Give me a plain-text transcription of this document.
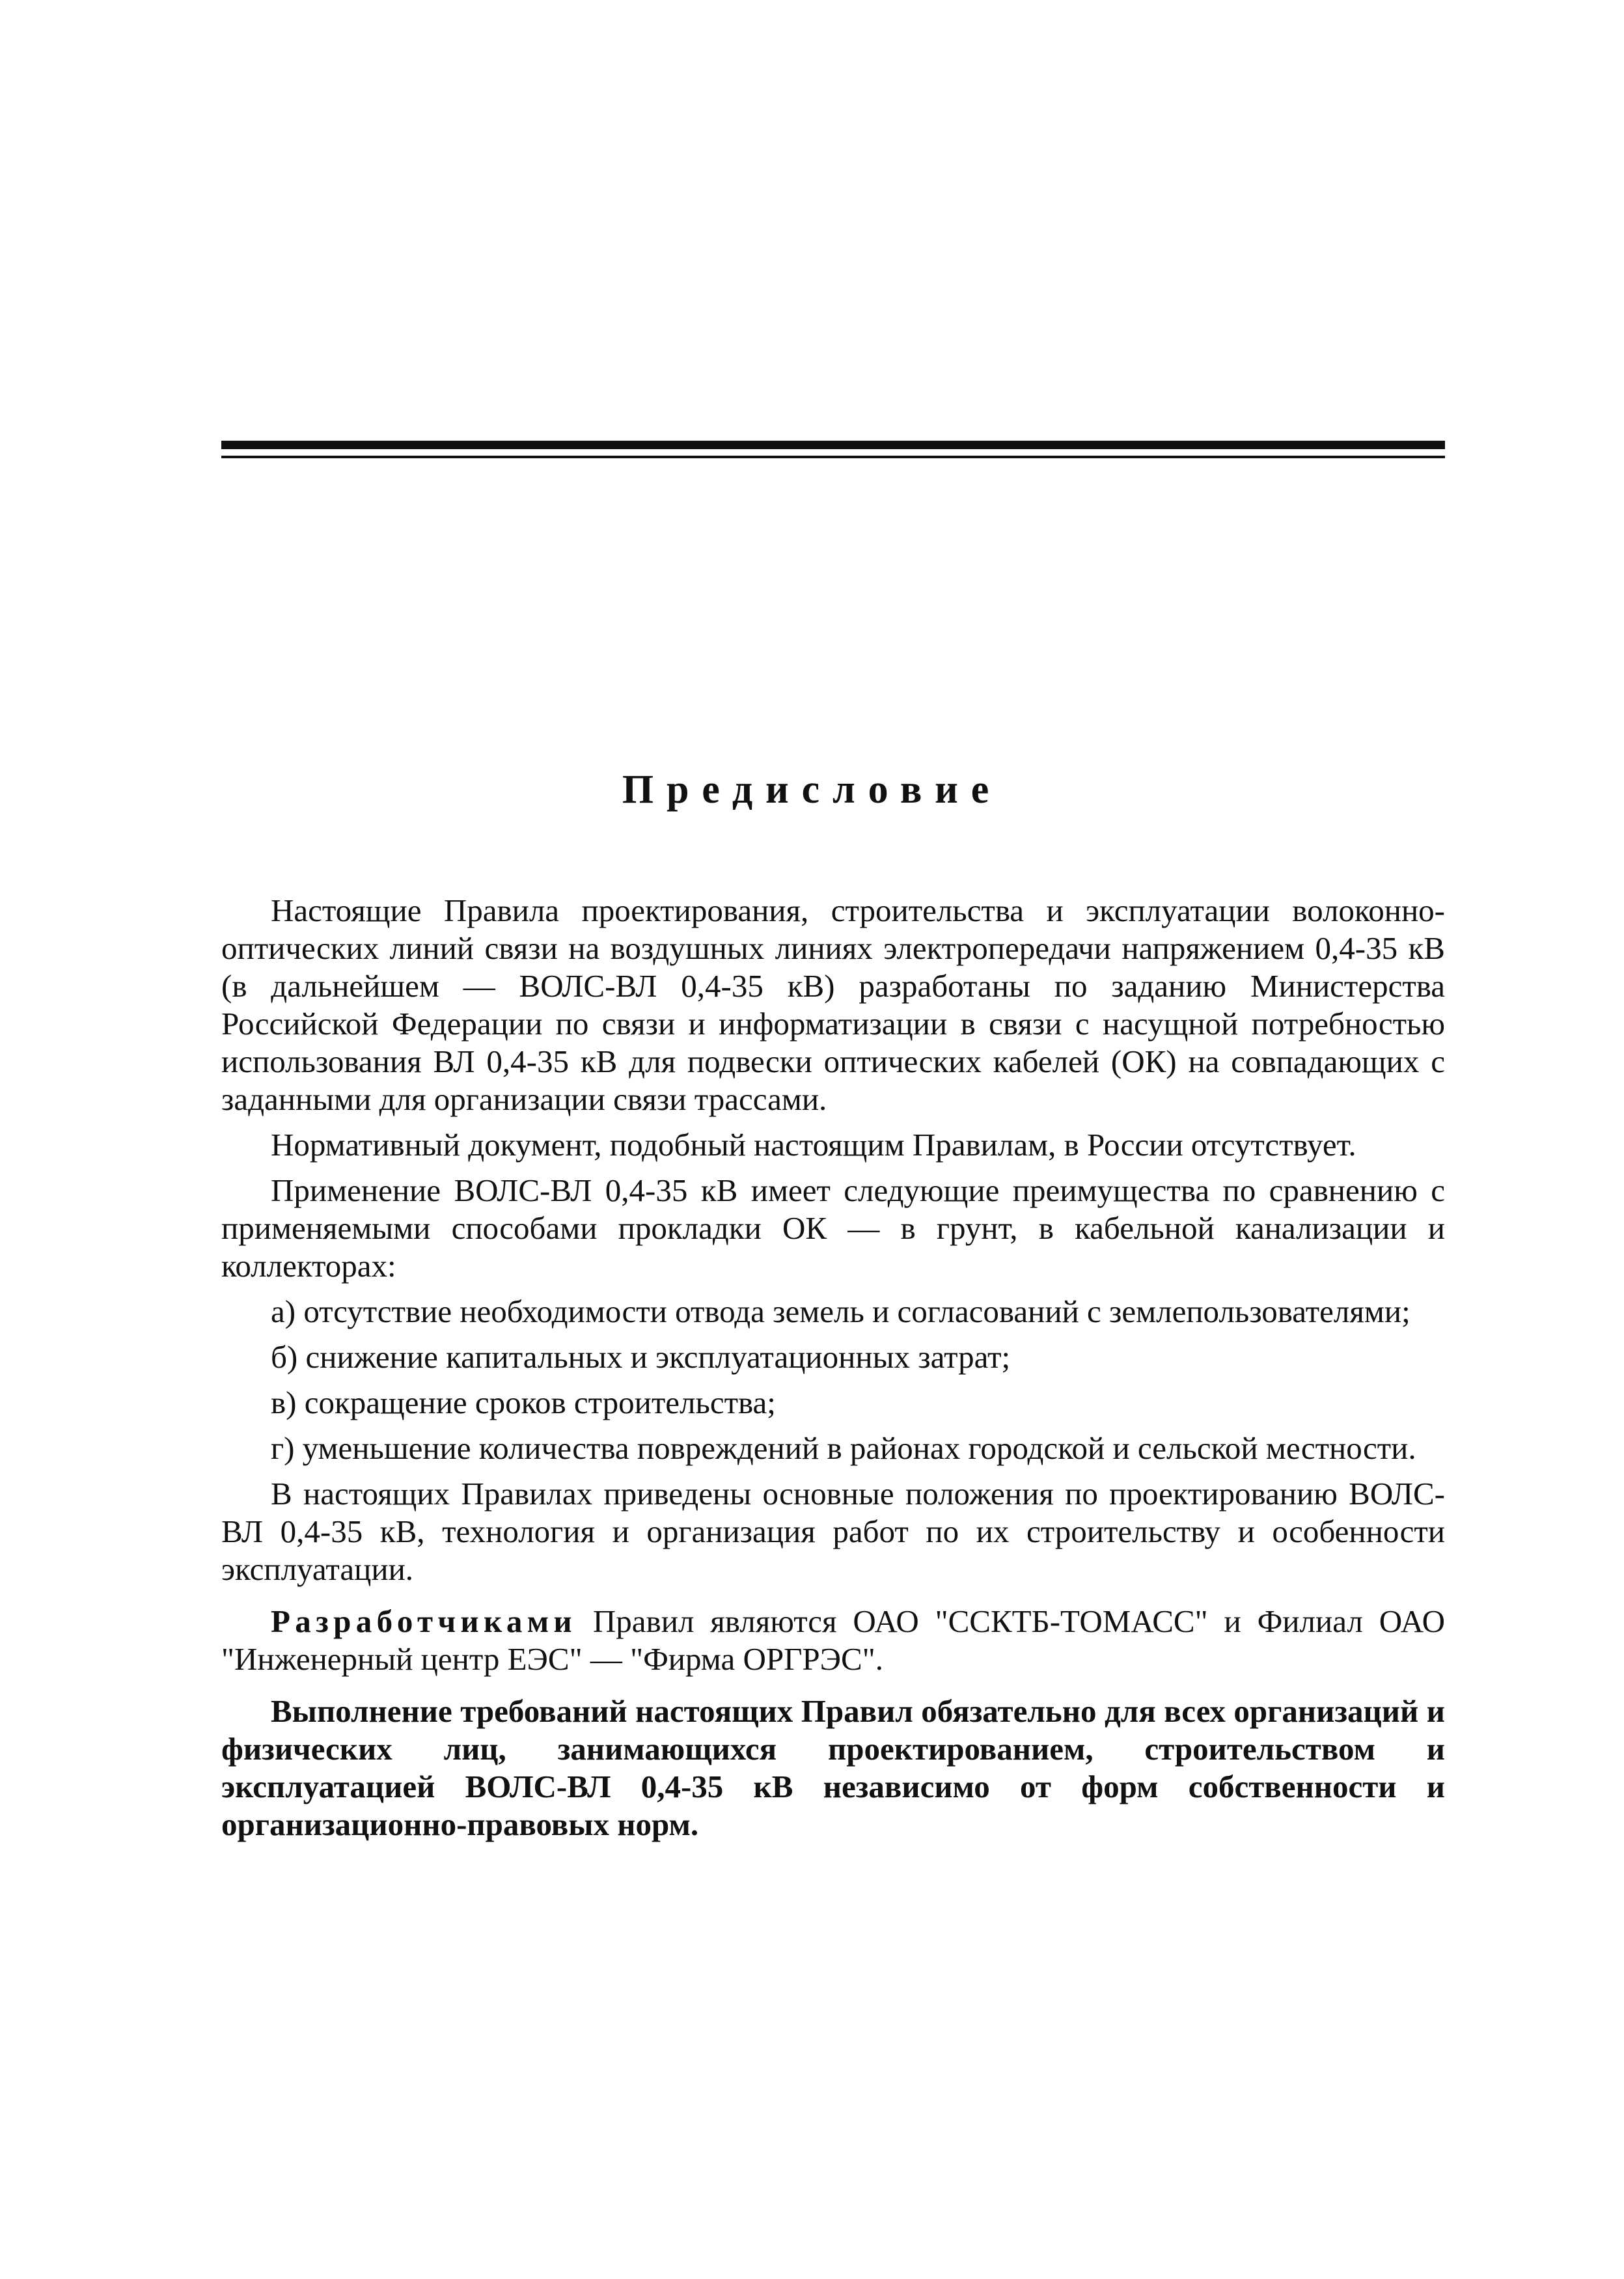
Предисловие

Настоящие Правила проектирования, строительства и эксплуатации волоконно-оптических линий связи на воздушных линиях электропередачи напряжением 0,4-35 кВ (в дальнейшем — ВОЛС-ВЛ 0,4-35 кВ) разработаны по заданию Министерства Российской Федерации по связи и информатизации в связи с насущной потребностью использования ВЛ 0,4-35 кВ для подвески оптических кабелей (ОК) на совпадающих с заданными для организации связи трассами.

Нормативный документ, подобный настоящим Правилам, в России отсутствует.

Применение ВОЛС-ВЛ 0,4-35 кВ имеет следующие преимущества по сравнению с применяемыми способами прокладки ОК — в грунт, в кабельной канализации и коллекторах:

а) отсутствие необходимости отвода земель и согласований с землепользователями;

б) снижение капитальных и эксплуатационных затрат;

в) сокращение сроков строительства;

г) уменьшение количества повреждений в районах городской и сельской местности.

В настоящих Правилах приведены основные положения по проектированию ВОЛС-ВЛ 0,4-35 кВ, технология и организация работ по их строительству и особенности эксплуатации.

Разработчиками Правил являются ОАО "ССКТБ-ТОМАСС" и Филиал ОАО "Инженерный центр ЕЭС" — "Фирма ОРГРЭС".

Выполнение требований настоящих Правил обязательно для всех организаций и физических лиц, занимающихся проектированием, строительством и эксплуатацией ВОЛС-ВЛ 0,4-35 кВ независимо от форм собственности и организационно-правовых норм.
